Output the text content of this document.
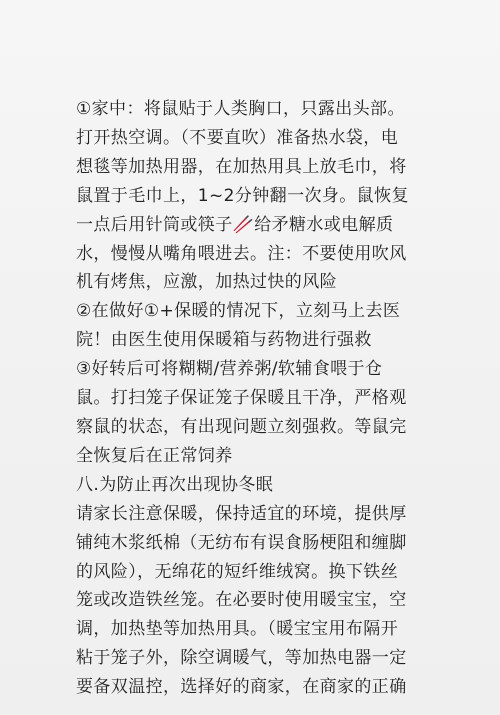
①家中：将鼠贴于人类胸口，只露出头部。
打开热空调。（不要直吹）准备热水袋，电
想毯等加热用器，在加热用具上放毛巾，将
鼠置于毛巾上，1~2分钟翻一次身。鼠恢复
一点后用针筒或筷子🥢给矛糖水或电解质
水，慢慢从嘴角喂进去。注：不要使用吹风
机有烤焦，应激，加热过快的风险
②在做好①+保暖的情况下，立刻马上去医
院！由医生使用保暖箱与药物进行强救
③好转后可将糊糊/营养粥/软辅食喂于仓
鼠。打扫笼子保证笼子保暖且干净，严格观
察鼠的状态，有出现问题立刻强救。等鼠完
全恢复后在正常饲养
八.为防止再次出现协冬眠
请家长注意保暖，保持适宜的环境，提供厚
铺纯木浆纸棉（无纺布有误食肠梗阻和缠脚
的风险），无绵花的短纤维绒窝。换下铁丝
笼或改造铁丝笼。在必要时使用暖宝宝，空
调，加热垫等加热用具。（暖宝宝用布隔开
粘于笼子外，除空调暖气，等加热电器一定
要备双温控，选择好的商家，在商家的正确
